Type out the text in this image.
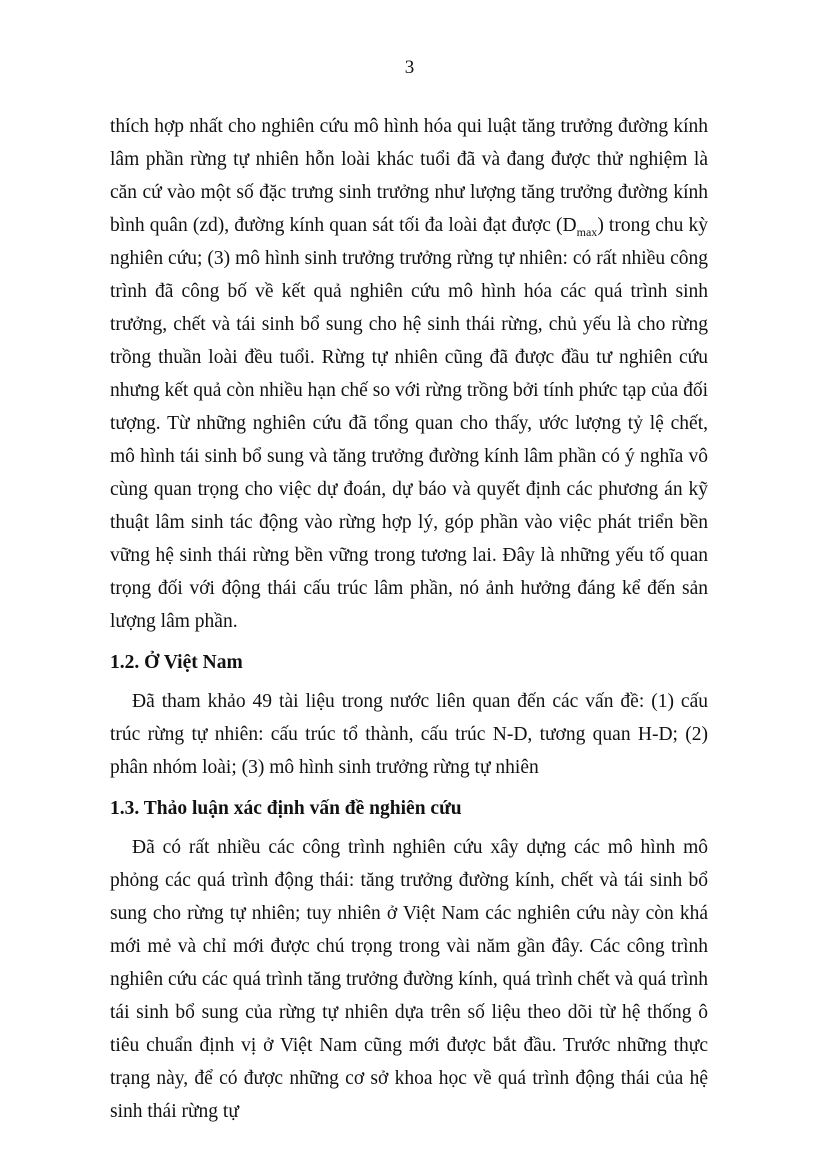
3

thích hợp nhất cho nghiên cứu mô hình hóa qui luật tăng trưởng đường kính lâm phần rừng tự nhiên hỗn loài khác tuổi đã và đang được thử nghiệm là căn cứ vào một số đặc trưng sinh trưởng như lượng tăng trưởng đường kính bình quân (zd), đường kính quan sát tối đa loài đạt được $(D_{max})$ trong chu kỳ nghiên cứu; (3) mô hình sinh trưởng trưởng rừng tự nhiên: có rất nhiều công trình đã công bố về kết quả nghiên cứu mô hình hóa các quá trình sinh trưởng, chết và tái sinh bổ sung cho hệ sinh thái rừng, chủ yếu là cho rừng trồng thuần loài đều tuổi. Rừng tự nhiên cũng đã được đầu tư nghiên cứu nhưng kết quả còn nhiều hạn chế so với rừng trồng bởi tính phức tạp của đối tượng. Từ những nghiên cứu đã tổng quan cho thấy, ước lượng tỷ lệ chết, mô hình tái sinh bổ sung và tăng trưởng đường kính lâm phần có ý nghĩa vô cùng quan trọng cho việc dự đoán, dự báo và quyết định các phương án kỹ thuật lâm sinh tác động vào rừng hợp lý, góp phần vào việc phát triển bền vững hệ sinh thái rừng bền vững trong tương lai. Đây là những yếu tố quan trọng đối với động thái cấu trúc lâm phần, nó ảnh hưởng đáng kể đến sản lượng lâm phần.

1.2. Ở Việt Nam

Đã tham khảo 49 tài liệu trong nước liên quan đến các vấn đề: (1) cấu trúc rừng tự nhiên: cấu trúc tổ thành, cấu trúc N-D, tương quan H-D; (2) phân nhóm loài; (3) mô hình sinh trưởng rừng tự nhiên

1.3. Thảo luận xác định vấn đề nghiên cứu

Đã có rất nhiều các công trình nghiên cứu xây dựng các mô hình mô phỏng các quá trình động thái: tăng trưởng đường kính, chết và tái sinh bổ sung cho rừng tự nhiên; tuy nhiên ở Việt Nam các nghiên cứu này còn khá mới mẻ và chỉ mới được chú trọng trong vài năm gần đây. Các công trình nghiên cứu các quá trình tăng trưởng đường kính, quá trình chết và quá trình tái sinh bổ sung của rừng tự nhiên dựa trên số liệu theo dõi từ hệ thống ô tiêu chuẩn định vị ở Việt Nam cũng mới được bắt đầu. Trước những thực trạng này, để có được những cơ sở khoa học về quá trình động thái của hệ sinh thái rừng tự
